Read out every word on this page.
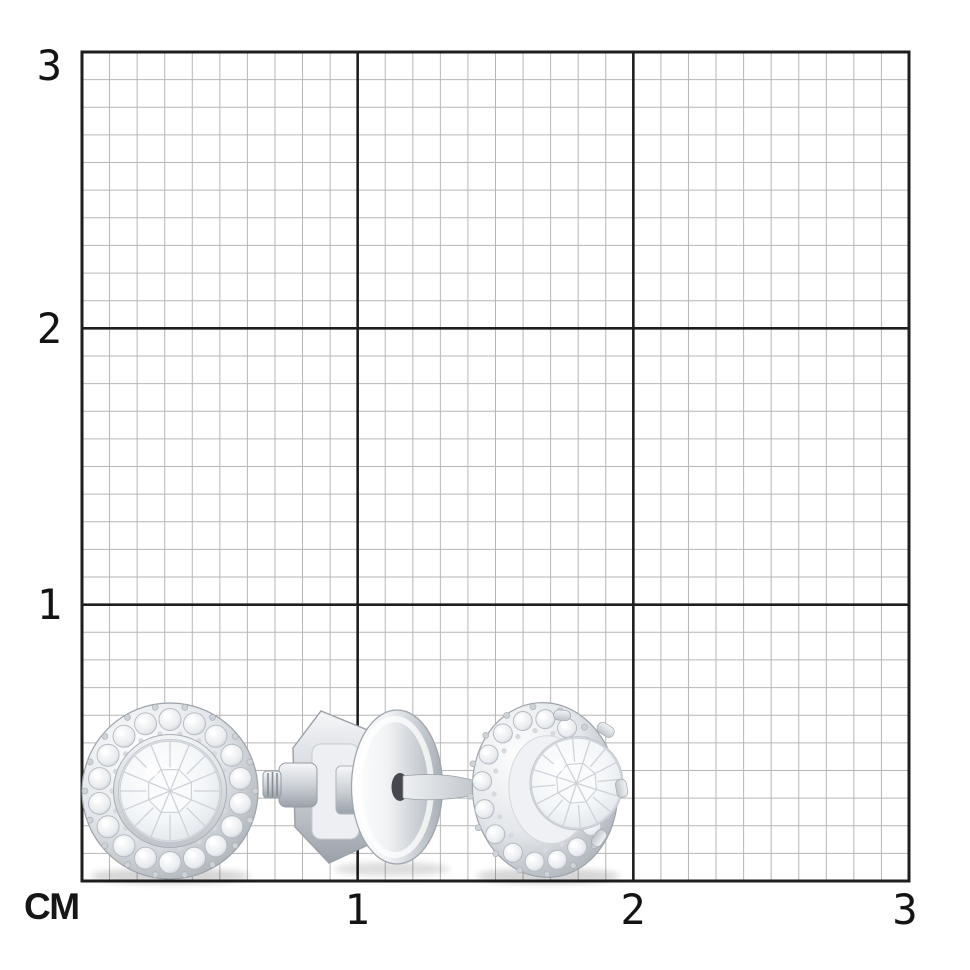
3
2
1
1	2	3
СМ
